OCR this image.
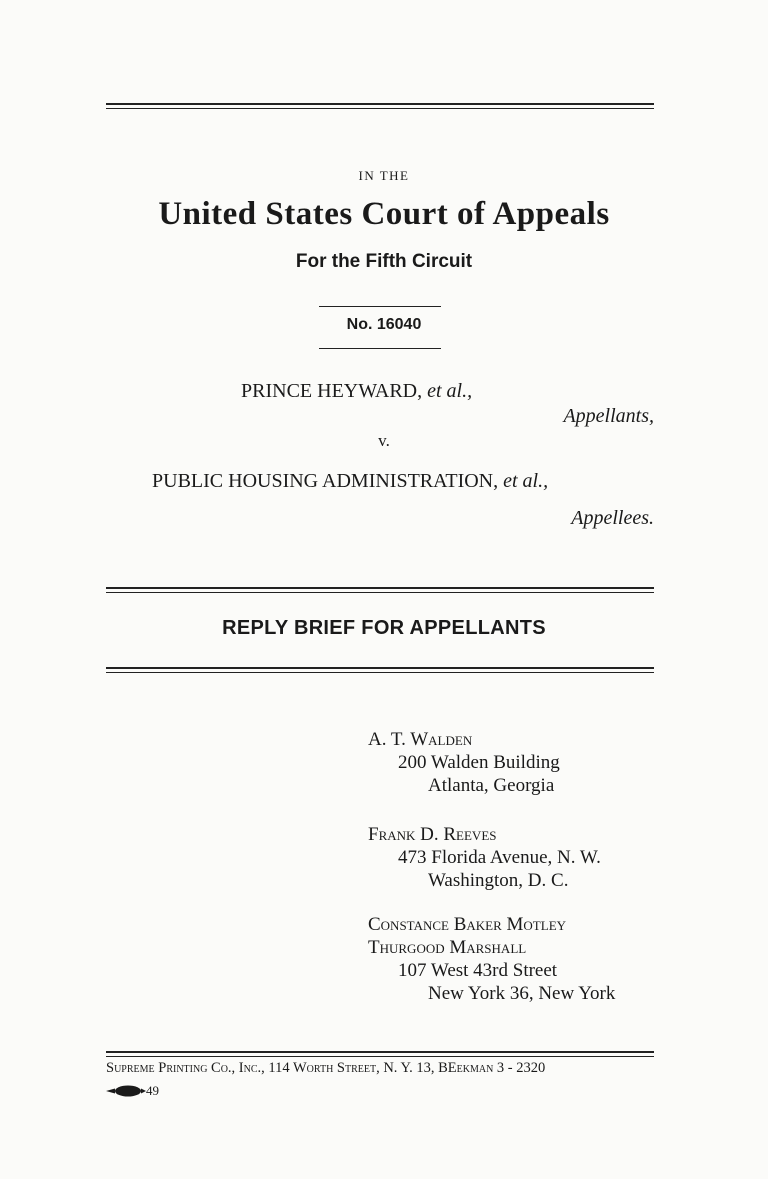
IN THE
United States Court of Appeals
For the Fifth Circuit
No. 16040
PRINCE HEYWARD, et al.,
Appellants,
v.
PUBLIC HOUSING ADMINISTRATION, et al.,
Appellees.
REPLY BRIEF FOR APPELLANTS
A. T. Walden
200 Walden Building
Atlanta, Georgia
Frank D. Reeves
473 Florida Avenue, N. W.
Washington, D. C.
Constance Baker Motley
Thurgood Marshall
107 West 43rd Street
New York 36, New York
Supreme Printing Co., Inc., 114 Worth Street, N. Y. 13, BEekman 3 - 2320
49
